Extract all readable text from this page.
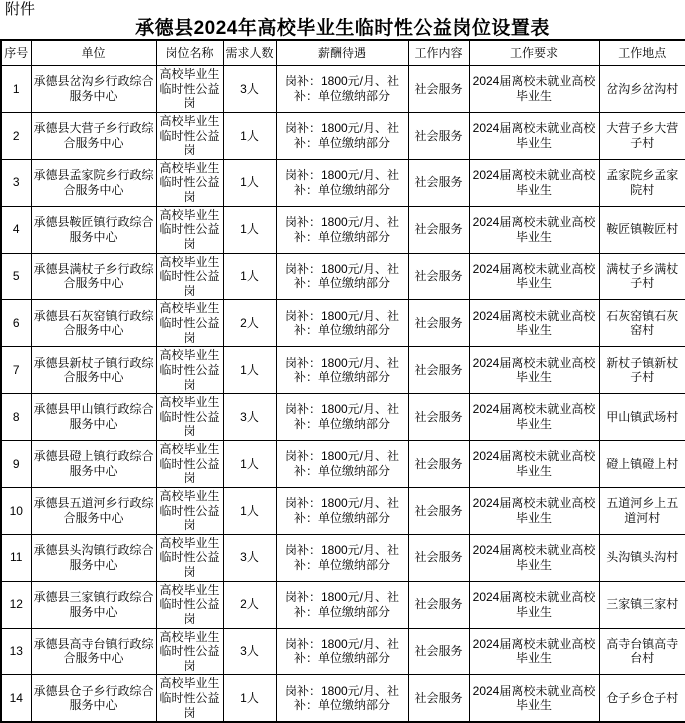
附件
承德县2024年高校毕业生临时性公益岗位设置表
序号	单位	岗位名称	需求人数	薪酬待遇	工作内容	工作要求	工作地点
1	承德县岔沟乡行政综合服务中心	高校毕业生临时性公益岗	3人	岗补：1800元/月、社补：单位缴纳部分	社会服务	2024届离校未就业高校毕业生	岔沟乡岔沟村
2	承德县大营子乡行政综合服务中心	高校毕业生临时性公益岗	1人	岗补：1800元/月、社补：单位缴纳部分	社会服务	2024届离校未就业高校毕业生	大营子乡大营子村
3	承德县孟家院乡行政综合服务中心	高校毕业生临时性公益岗	1人	岗补：1800元/月、社补：单位缴纳部分	社会服务	2024届离校未就业高校毕业生	孟家院乡孟家院村
4	承德县鞍匠镇行政综合服务中心	高校毕业生临时性公益岗	1人	岗补：1800元/月、社补：单位缴纳部分	社会服务	2024届离校未就业高校毕业生	鞍匠镇鞍匠村
5	承德县满杖子乡行政综合服务中心	高校毕业生临时性公益岗	1人	岗补：1800元/月、社补：单位缴纳部分	社会服务	2024届离校未就业高校毕业生	满杖子乡满杖子村
6	承德县石灰窑镇行政综合服务中心	高校毕业生临时性公益岗	2人	岗补：1800元/月、社补：单位缴纳部分	社会服务	2024届离校未就业高校毕业生	石灰窑镇石灰窑村
7	承德县新杖子镇行政综合服务中心	高校毕业生临时性公益岗	1人	岗补：1800元/月、社补：单位缴纳部分	社会服务	2024届离校未就业高校毕业生	新杖子镇新杖子村
8	承德县甲山镇行政综合服务中心	高校毕业生临时性公益岗	3人	岗补：1800元/月、社补：单位缴纳部分	社会服务	2024届离校未就业高校毕业生	甲山镇武场村
9	承德县磴上镇行政综合服务中心	高校毕业生临时性公益岗	1人	岗补：1800元/月、社补：单位缴纳部分	社会服务	2024届离校未就业高校毕业生	磴上镇磴上村
10	承德县五道河乡行政综合服务中心	高校毕业生临时性公益岗	1人	岗补：1800元/月、社补：单位缴纳部分	社会服务	2024届离校未就业高校毕业生	五道河乡上五道河村
11	承德县头沟镇行政综合服务中心	高校毕业生临时性公益岗	3人	岗补：1800元/月、社补：单位缴纳部分	社会服务	2024届离校未就业高校毕业生	头沟镇头沟村
12	承德县三家镇行政综合服务中心	高校毕业生临时性公益岗	2人	岗补：1800元/月、社补：单位缴纳部分	社会服务	2024届离校未就业高校毕业生	三家镇三家村
13	承德县高寺台镇行政综合服务中心	高校毕业生临时性公益岗	3人	岗补：1800元/月、社补：单位缴纳部分	社会服务	2024届离校未就业高校毕业生	高寺台镇高寺台村
14	承德县仓子乡行政综合服务中心	高校毕业生临时性公益岗	1人	岗补：1800元/月、社补：单位缴纳部分	社会服务	2024届离校未就业高校毕业生	仓子乡仓子村
